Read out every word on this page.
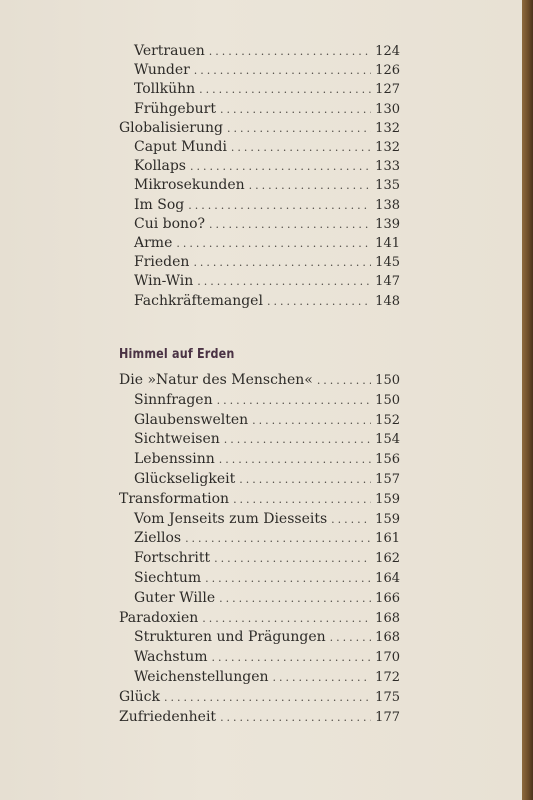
Himmel auf Erden
Vertrauen .....	124
Wunder .....	126
Tollkühn .....	127
Frühgeburt .....	130
Globalisierung .....	132
Caput Mundi .....	132
Kollaps .....	133
Mikrosekunden .....	135
Im Sog .....	138
Cui bono? .....	139
Arme .....	141
Frieden .....	145
Win-Win .....	147
Fachkräftemangel .....	148
Die »Natur des Menschen« .....	150
Sinnfragen .....	150
Glaubenswelten .....	152
Sichtweisen .....	154
Lebenssinn .....	156
Glückseligkeit .....	157
Transformation .....	159
Vom Jenseits zum Diesseits .....	159
Ziellos .....	161
Fortschritt .....	162
Siechtum .....	164
Guter Wille .....	166
Paradoxien .....	168
Strukturen und Prägungen .....	168
Wachstum .....	170
Weichenstellungen .....	172
Glück .....	175
Zufriedenheit .....	177
